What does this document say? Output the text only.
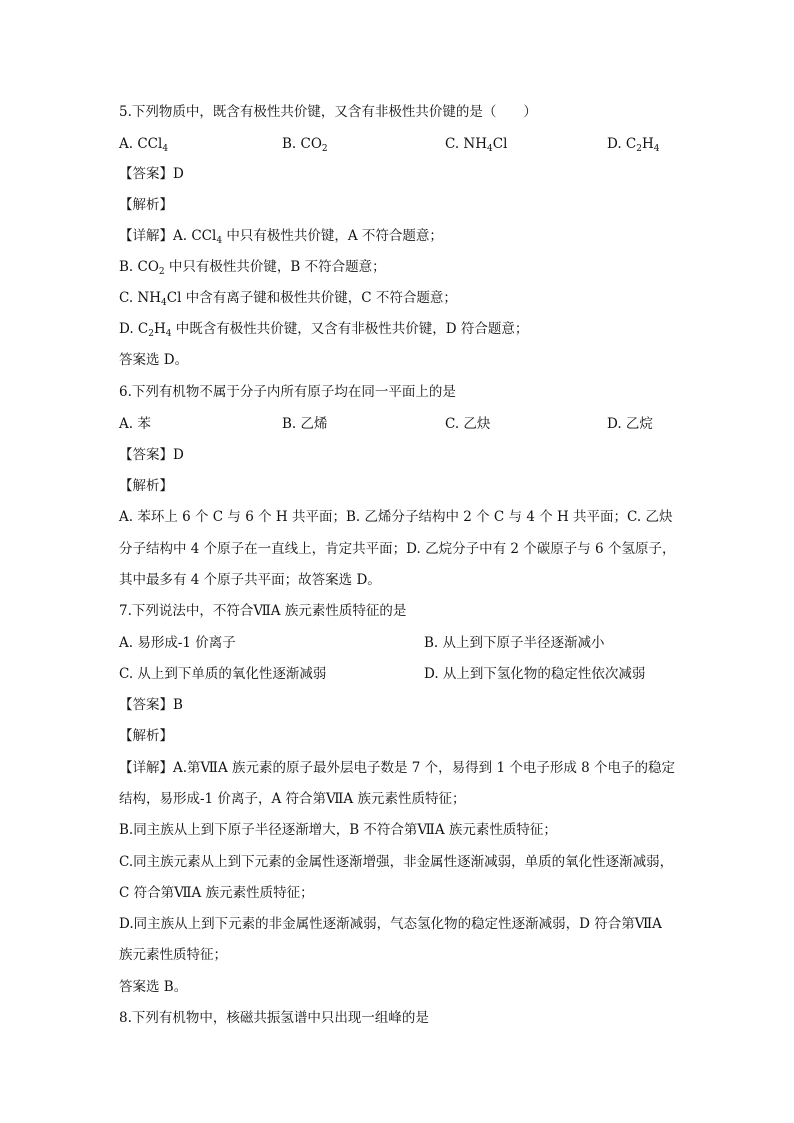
5.下列物质中，既含有极性共价键，又含有非极性共价键的是（　　）
A. CCl$_4$	B. $CO_2$	C. $NH_4Cl$	D. $C_2H_4$
【答案】D
【解析】
【详解】A. CCl$_4$ 中只有极性共价键，A 不符合题意；
B. $CO_2$ 中只有极性共价键，B 不符合题意；
C. $NH_4Cl$ 中含有离子键和极性共价键，C 不符合题意；
D. $C_2H_4$ 中既含有极性共价键，又含有非极性共价键，D 符合题意；
答案选 D。
6.下列有机物不属于分子内所有原子均在同一平面上的是
A. 苯	B. 乙烯	C. 乙炔	D. 乙烷
【答案】D
【解析】
A. 苯环上 6 个 C 与 6 个 H 共平面；B. 乙烯分子结构中 2 个 C 与 4 个 H 共平面；C. 乙炔
分子结构中 4 个原子在一直线上，肯定共平面；D. 乙烷分子中有 2 个碳原子与 6 个氢原子，
其中最多有 4 个原子共平面；故答案选 D。
7.下列说法中，不符合ⅦA 族元素性质特征的是
A. 易形成-1 价离子	B. 从上到下原子半径逐渐减小
C. 从上到下单质的氧化性逐渐减弱	D. 从上到下氢化物的稳定性依次减弱
【答案】B
【解析】
【详解】A.第ⅦA 族元素的原子最外层电子数是 7 个，易得到 1 个电子形成 8 个电子的稳定
结构，易形成-1 价离子，A 符合第ⅦA 族元素性质特征；
B.同主族从上到下原子半径逐渐增大，B 不符合第ⅦA 族元素性质特征；
C.同主族元素从上到下元素的金属性逐渐增强，非金属性逐渐减弱，单质的氧化性逐渐减弱，
C 符合第ⅦA 族元素性质特征；
D.同主族从上到下元素的非金属性逐渐减弱，气态氢化物的稳定性逐渐减弱，D 符合第ⅦA
族元素性质特征；
答案选 B。
8.下列有机物中，核磁共振氢谱中只出现一组峰的是
